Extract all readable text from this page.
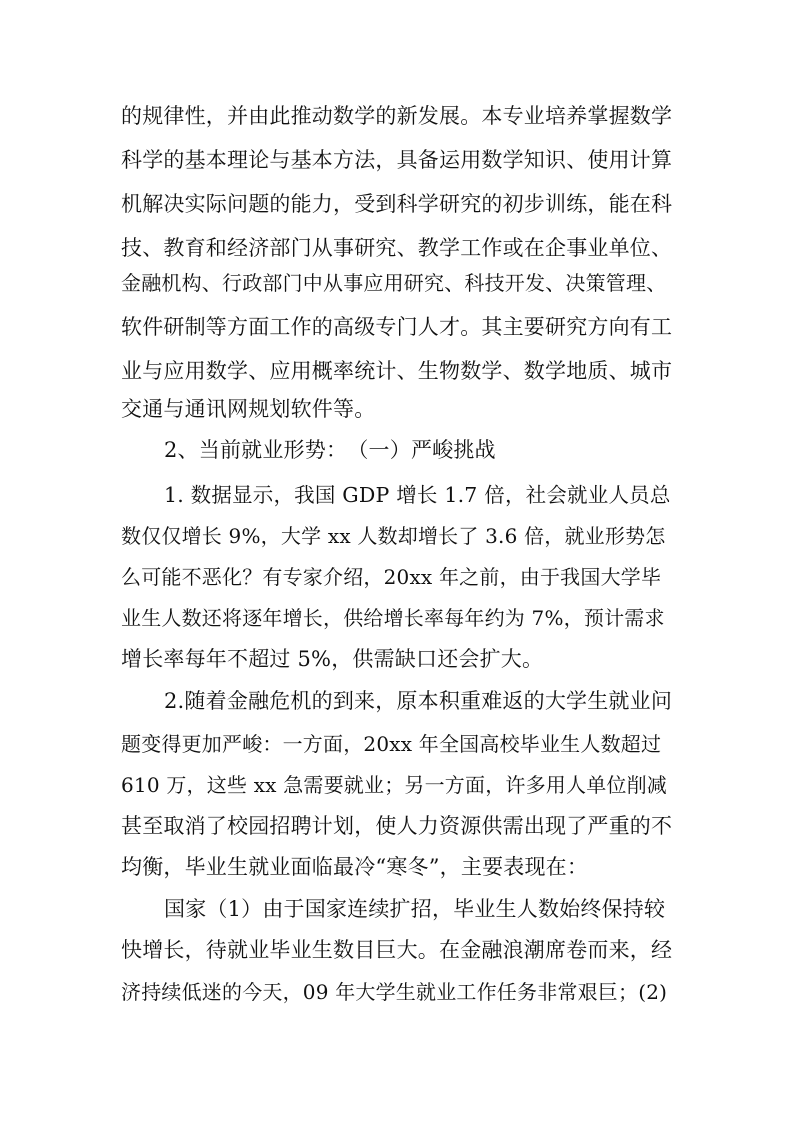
的规律性，并由此推动数学的新发展。本专业培养掌握数学
科学的基本理论与基本方法，具备运用数学知识、使用计算
机解决实际问题的能力，受到科学研究的初步训练，能在科
技、教育和经济部门从事研究、教学工作或在企事业单位、
金融机构、行政部门中从事应用研究、科技开发、决策管理、
软件研制等方面工作的高级专门人才。其主要研究方向有工
业与应用数学、应用概率统计、生物数学、数学地质、城市
交通与通讯网规划软件等。
2、当前就业形势：　（一）严峻挑战
1. 数据显示，我国 GDP 增长 1.7 倍，社会就业人员总
数仅仅增长 9%，大学 xx 人数却增长了 3.6 倍，就业形势怎
么可能不恶化？有专家介绍，20xx 年之前，由于我国大学毕
业生人数还将逐年增长，供给增长率每年约为 7%，预计需求
增长率每年不超过 5%，供需缺口还会扩大。
2.随着金融危机的到来，原本积重难返的大学生就业问
题变得更加严峻：一方面，20xx 年全国高校毕业生人数超过
610 万，这些 xx 急需要就业；另一方面，许多用人单位削减
甚至取消了校园招聘计划，使人力资源供需出现了严重的不
均衡，毕业生就业面临最冷“寒冬”，主要表现在：
国家（1）由于国家连续扩招，毕业生人数始终保持较
快增长，待就业毕业生数目巨大。在金融浪潮席卷而来，经
济持续低迷的今天，09 年大学生就业工作任务非常艰巨；(2)
